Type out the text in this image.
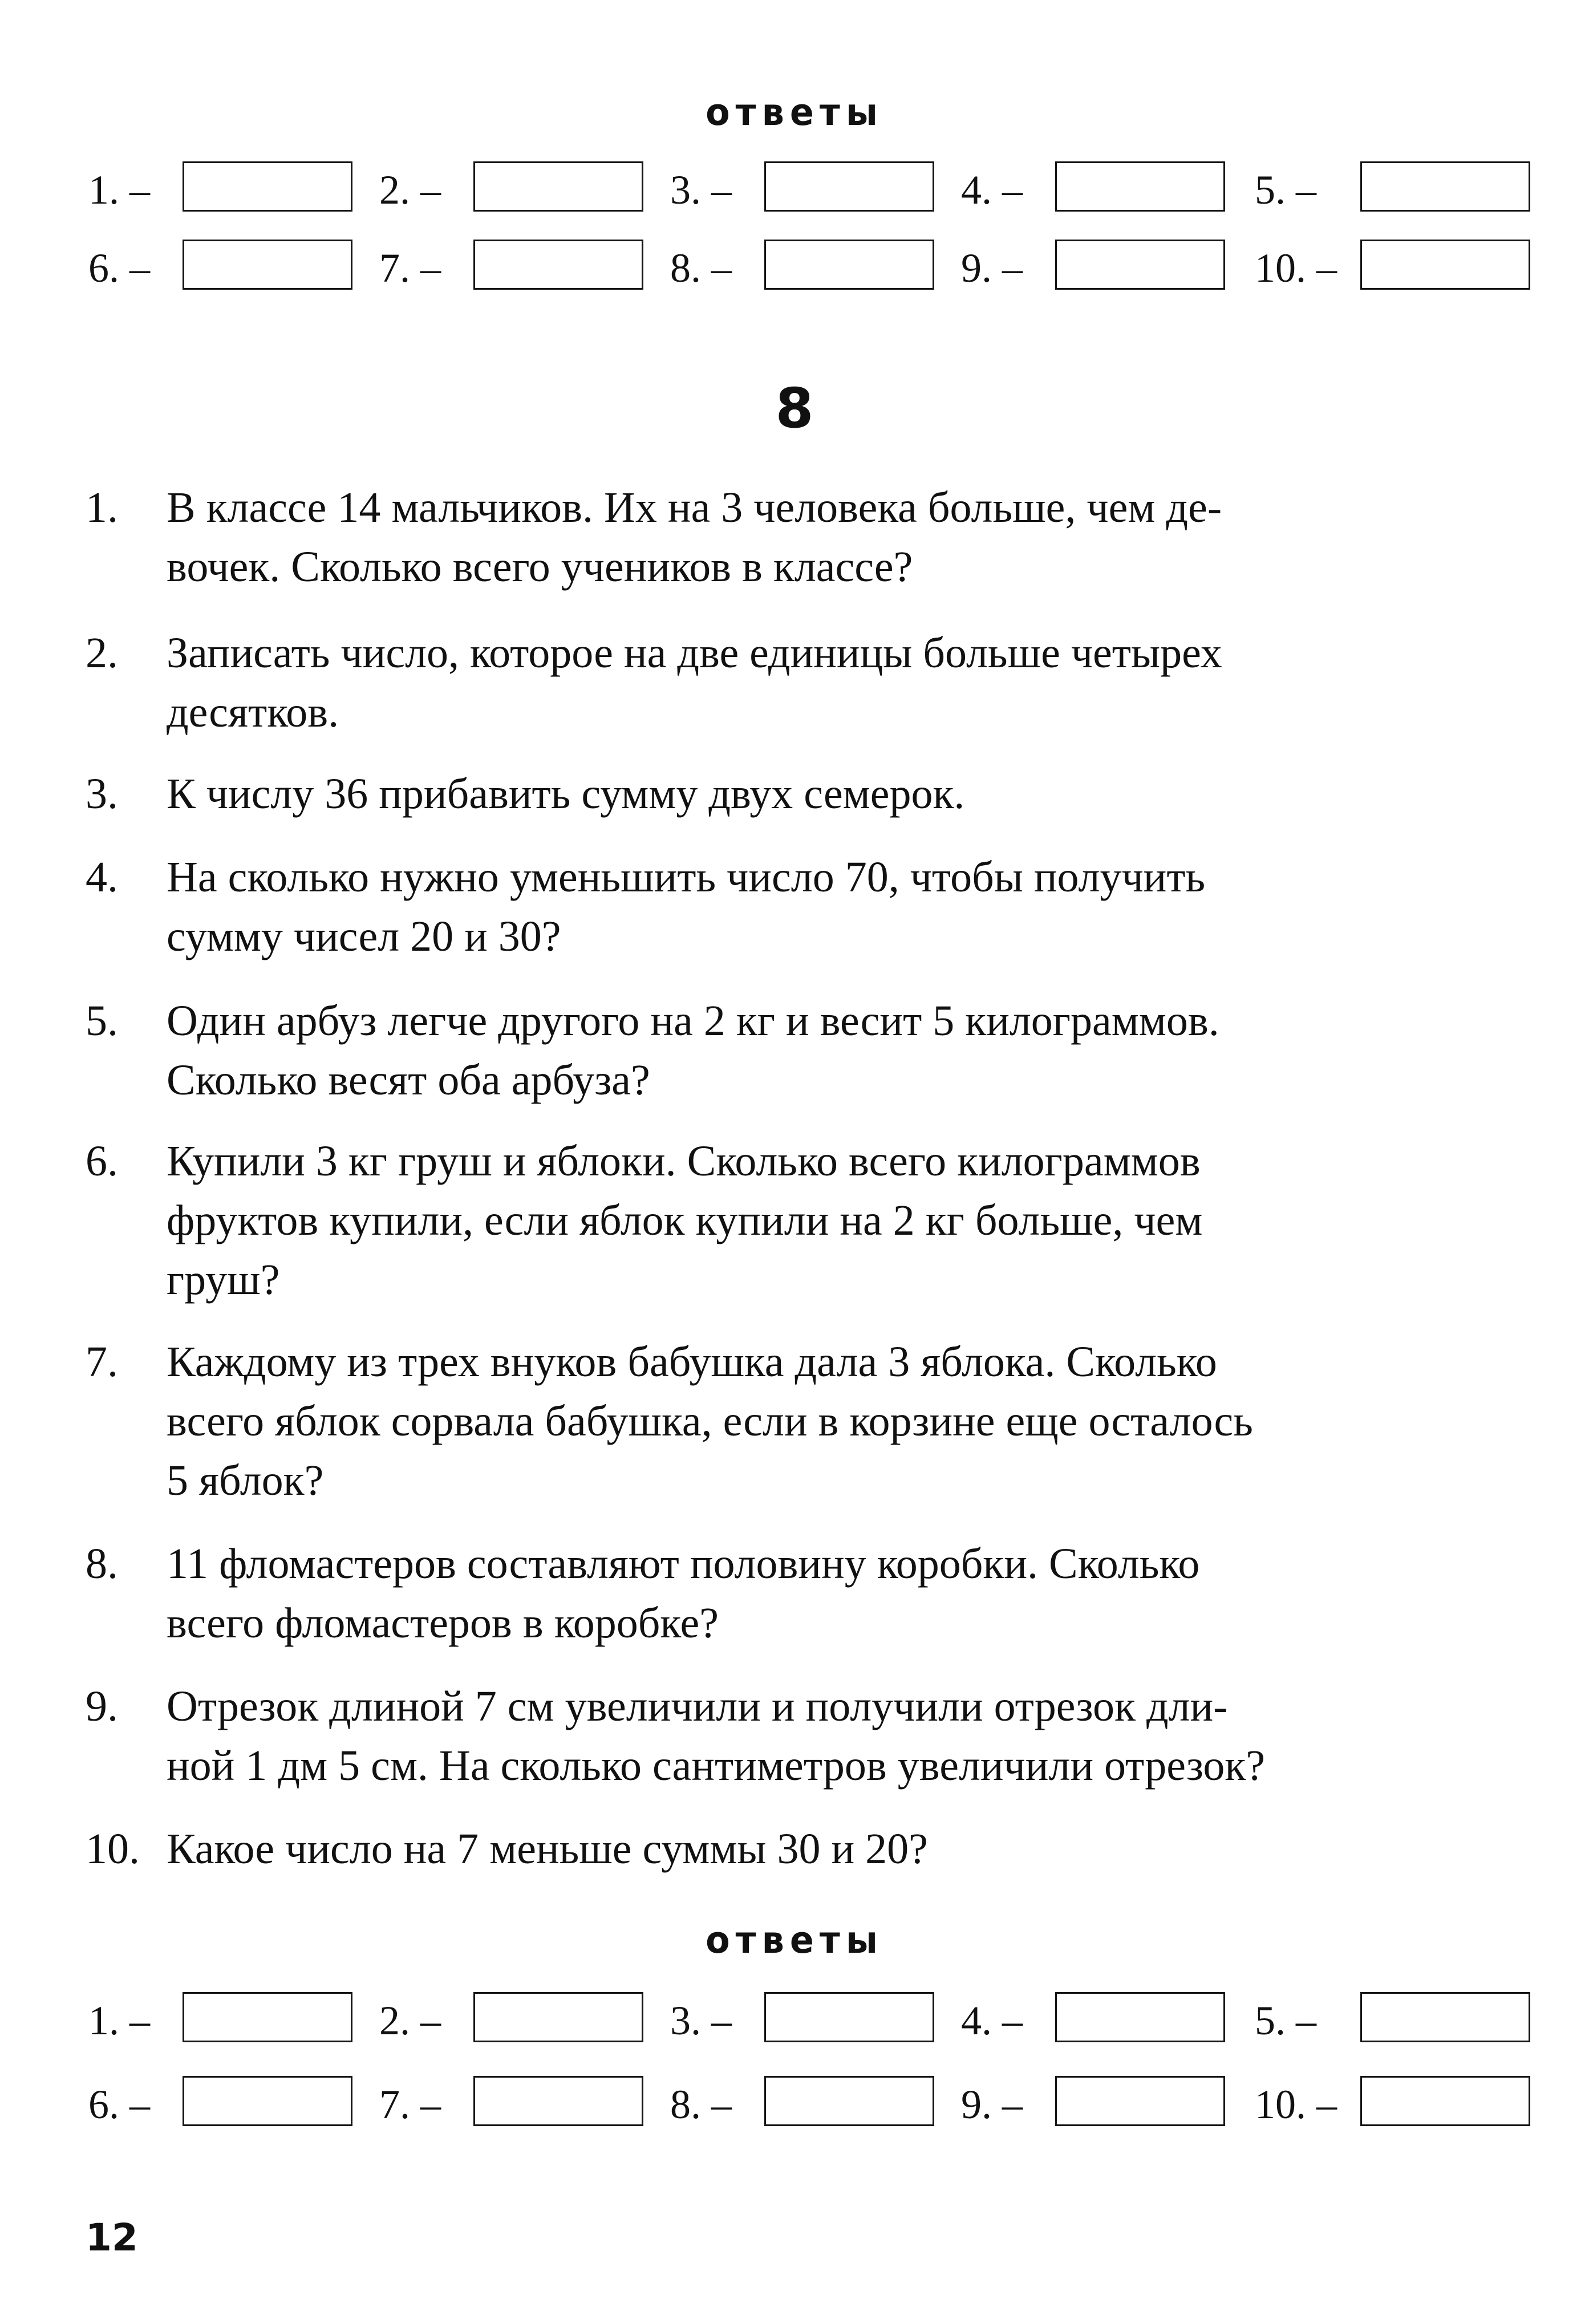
ответы
1. –	2. –	3. –	4. –	5. –
6. –	7. –	8. –	9. –	10. –
8
1. В классе 14 мальчиков. Их на 3 человека больше, чем де-
вочек. Сколько всего учеников в классе?
2. Записать число, которое на две единицы больше четырех
десятков.
3. К числу 36 прибавить сумму двух семерок.
4. На сколько нужно уменьшить число 70, чтобы получить
сумму чисел 20 и 30?
5. Один арбуз легче другого на 2 кг и весит 5 килограммов.
Сколько весят оба арбуза?
6. Купили 3 кг груш и яблоки. Сколько всего килограммов
фруктов купили, если яблок купили на 2 кг больше, чем
груш?
7. Каждому из трех внуков бабушка дала 3 яблока. Сколько
всего яблок сорвала бабушка, если в корзине еще осталось
5 яблок?
8. 11 фломастеров составляют половину коробки. Сколько
всего фломастеров в коробке?
9. Отрезок длиной 7 см увеличили и получили отрезок дли-
ной 1 дм 5 см. На сколько сантиметров увеличили отрезок?
10. Какое число на 7 меньше суммы 30 и 20?
ответы
1. –	2. –	3. –	4. –	5. –
6. –	7. –	8. –	9. –	10. –
12
